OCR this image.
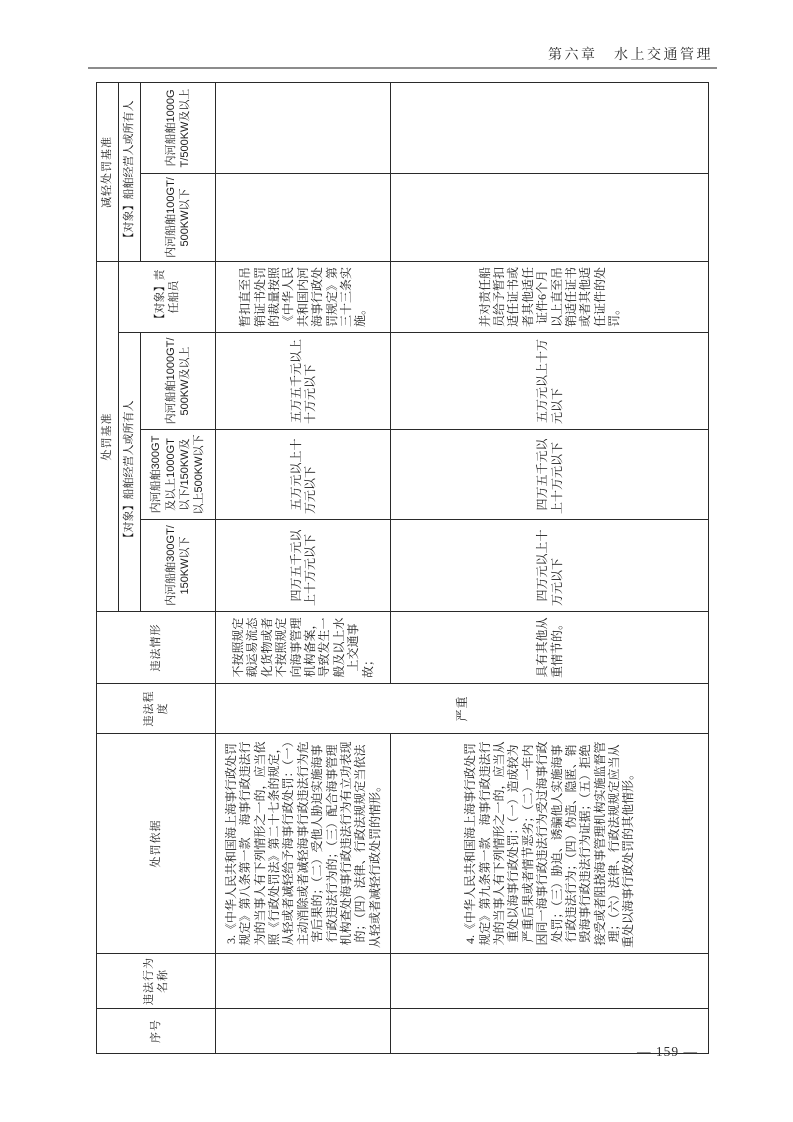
第六章　水上交通管理
序号	违法行为名称	处罚依据	违法程度	违法情形	处罚基准				减轻处罚基准	
					【对象】船舶经营人或所有人			【对象】责任船员	【对象】船舶经营人或所有人	
					内河船舶300GT/150KW以下	内河船舶300GT及以上1000GT以下/150KW及以上500KW以下	内河船舶1000GT/500KW及以上		内河船舶100GT/500KW以下	内河船舶1000GT/500KW及以上
		3.《中华人民共和国海上海事行政处罚规定》第八条第一款　海事行政违法行为的当事人有下列情形之一的，应当依照《行政处罚法》第二十七条的规定，从轻或者减轻给予海事行政处罚：（一）主动消除或者减轻海事行政违法行为危害后果的；（二）受他人胁迫实施海事行政违法行为的；（三）配合海事管理机构查处海事行政违法行为有立功表现的；（四）法律、行政法规规定当依法从轻或者减轻行政处罚的情形。	严重	不按照规定载运易流态化货物或者不按照规定向海事管理机构备案，导致发生一般及以上水上交通事故；	四万五千元以上十万元以下	五万元以上十万元以下	五万五千元以上十万元以下	暂扣直至吊销证书处罚的裁量按照《中华人民共和国内河海事行政处罚规定》第三十三条实施。		
		4.《中华人民共和国海上海事行政处罚规定》第九条第一款　海事行政违法行为的当事人有下列情形之一的，应当从重处以海事行政处罚：（一）造成较为严重后果或者情节恶劣；（二）一年内因同一海事行政违法行为受过海事行政处罚；（三）胁迫、诱骗他人实施海事行政违法行为；（四）伪造、隐匿、销毁海事行政违法行为证据；（五）拒绝接受或者阻挠海事管理机构实施监督管理；（六）法律、行政法规规定应当从重处以海事行政处罚的其他情形。		具有其他从重情节的。	四万元以上十万元以下	四万五千元以上十万元以下	五万元以上十万元以下	并对责任船员给予暂扣适任证书或者其他适任证件6个月以上直至吊销适任证书或者其他适任证件的处罚。		
— 159 —
